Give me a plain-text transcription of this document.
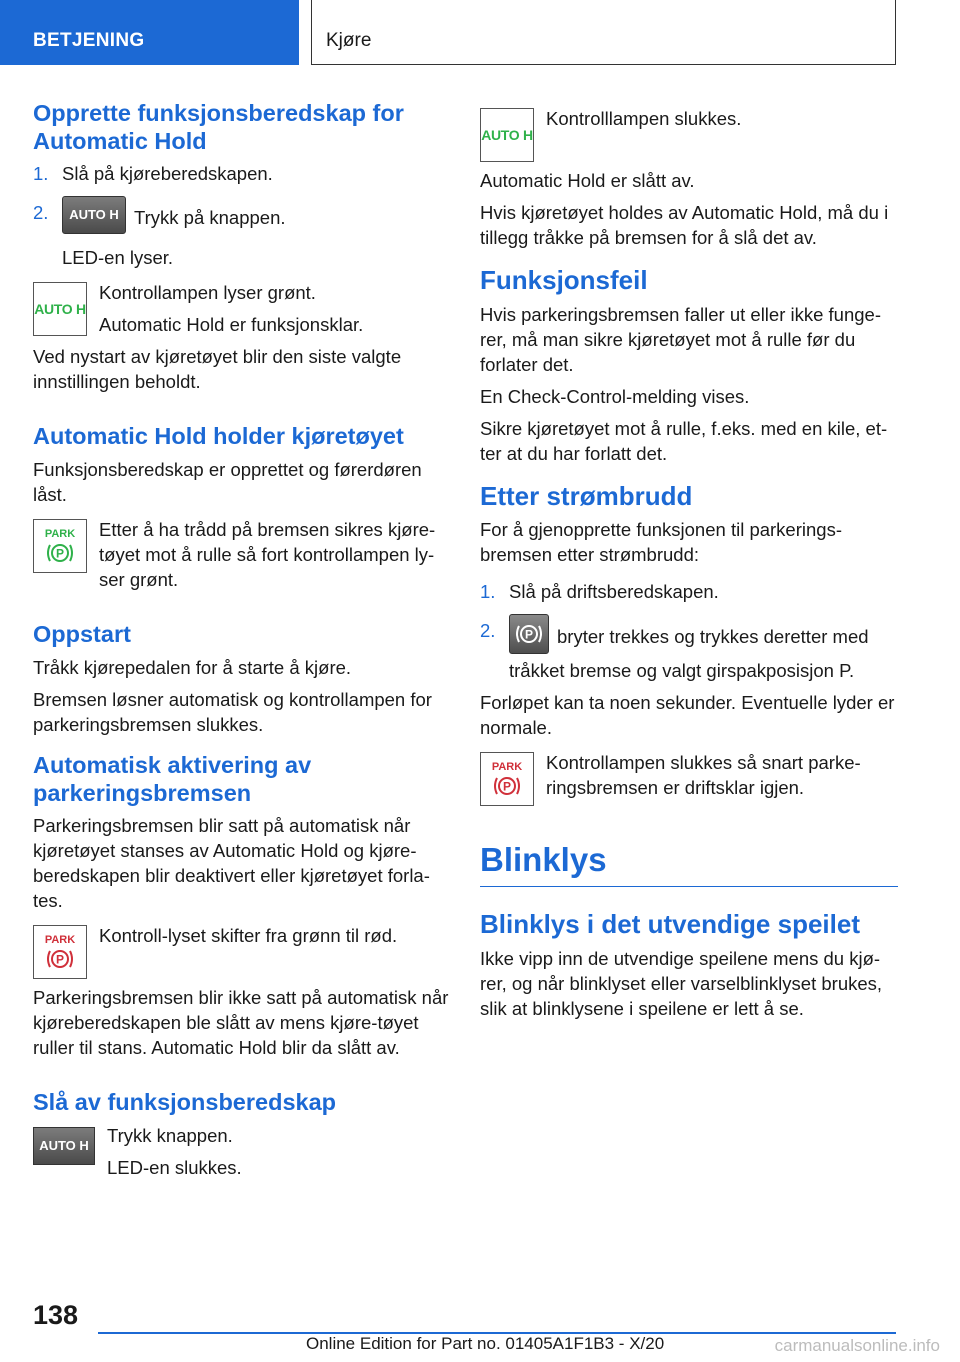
BETJENING	Kjøre
Opprette funksjonsberedskap for Automatic Hold
1. Slå på kjøreberedskapen.
2. AUTO H Trykk på knappen.

LED-en lyser.

AUTO H

Kontrollampen lyser grønt.

Automatic Hold er funksjonsklar.

Ved nystart av kjøretøyet blir den siste valgte innstillingen beholdt.

Automatic Hold holder kjøretøyet

Funksjonsberedskap er opprettet og førerdøren låst.

PARK
P

Etter å ha trådd på bremsen sikres kjøre-tøyet mot å rulle så fort kontrollampen ly-ser grønt.

Oppstart

Tråkk kjørepedalen for å starte å kjøre.

Bremsen løsner automatisk og kontrollampen for parkeringsbremsen slukkes.

Automatisk aktivering av parkeringsbremsen

Parkeringsbremsen blir satt på automatisk når kjøretøyet stanses av Automatic Hold og kjøre-beredskapen blir deaktivert eller kjøretøyet forla-tes.

PARK
P

Kontroll-lyset skifter fra grønn til rød.

Parkeringsbremsen blir ikke satt på automatisk når kjøreberedskapen ble slått av mens kjøre-tøyet ruller til stans. Automatic Hold blir da slått av.

Slå av funksjonsberedskap
AUTO H Trykk knappen.

LED-en slukkes.

AUTO H

Kontrolllampen slukkes.

Automatic Hold er slått av.

Hvis kjøretøyet holdes av Automatic Hold, må du i tillegg tråkke på bremsen for å slå det av.

Funksjonsfeil

Hvis parkeringsbremsen faller ut eller ikke funge-rer, må man sikre kjøretøyet mot å rulle før du forlater det.

En Check-Control-melding vises.

Sikre kjøretøyet mot å rulle, f.eks. med en kile, et-ter at du har forlatt det.

Etter strømbrudd

For å gjenopprette funksjonen til parkerings-bremsen etter strømbrudd:

1. Slå på driftsberedskapen.
2. P bryter trekkes og trykkes deretter med tråkket bremse og valgt girspakposisjon P.

Forløpet kan ta noen sekunder. Eventuelle lyder er normale.

PARK
P

Kontrollampen slukkes så snart parke-ringsbremsen er driftsklar igjen.

Blinklys
Blinklys i det utvendige speilet

Ikke vipp inn de utvendige speilene mens du kjø-rer, og når blinklyset eller varselblinklyset brukes, slik at blinklysene i speilene er lett å se.

138
Online Edition for Part no. 01405A1F1B3 - X/20	carmanualsonline.info
